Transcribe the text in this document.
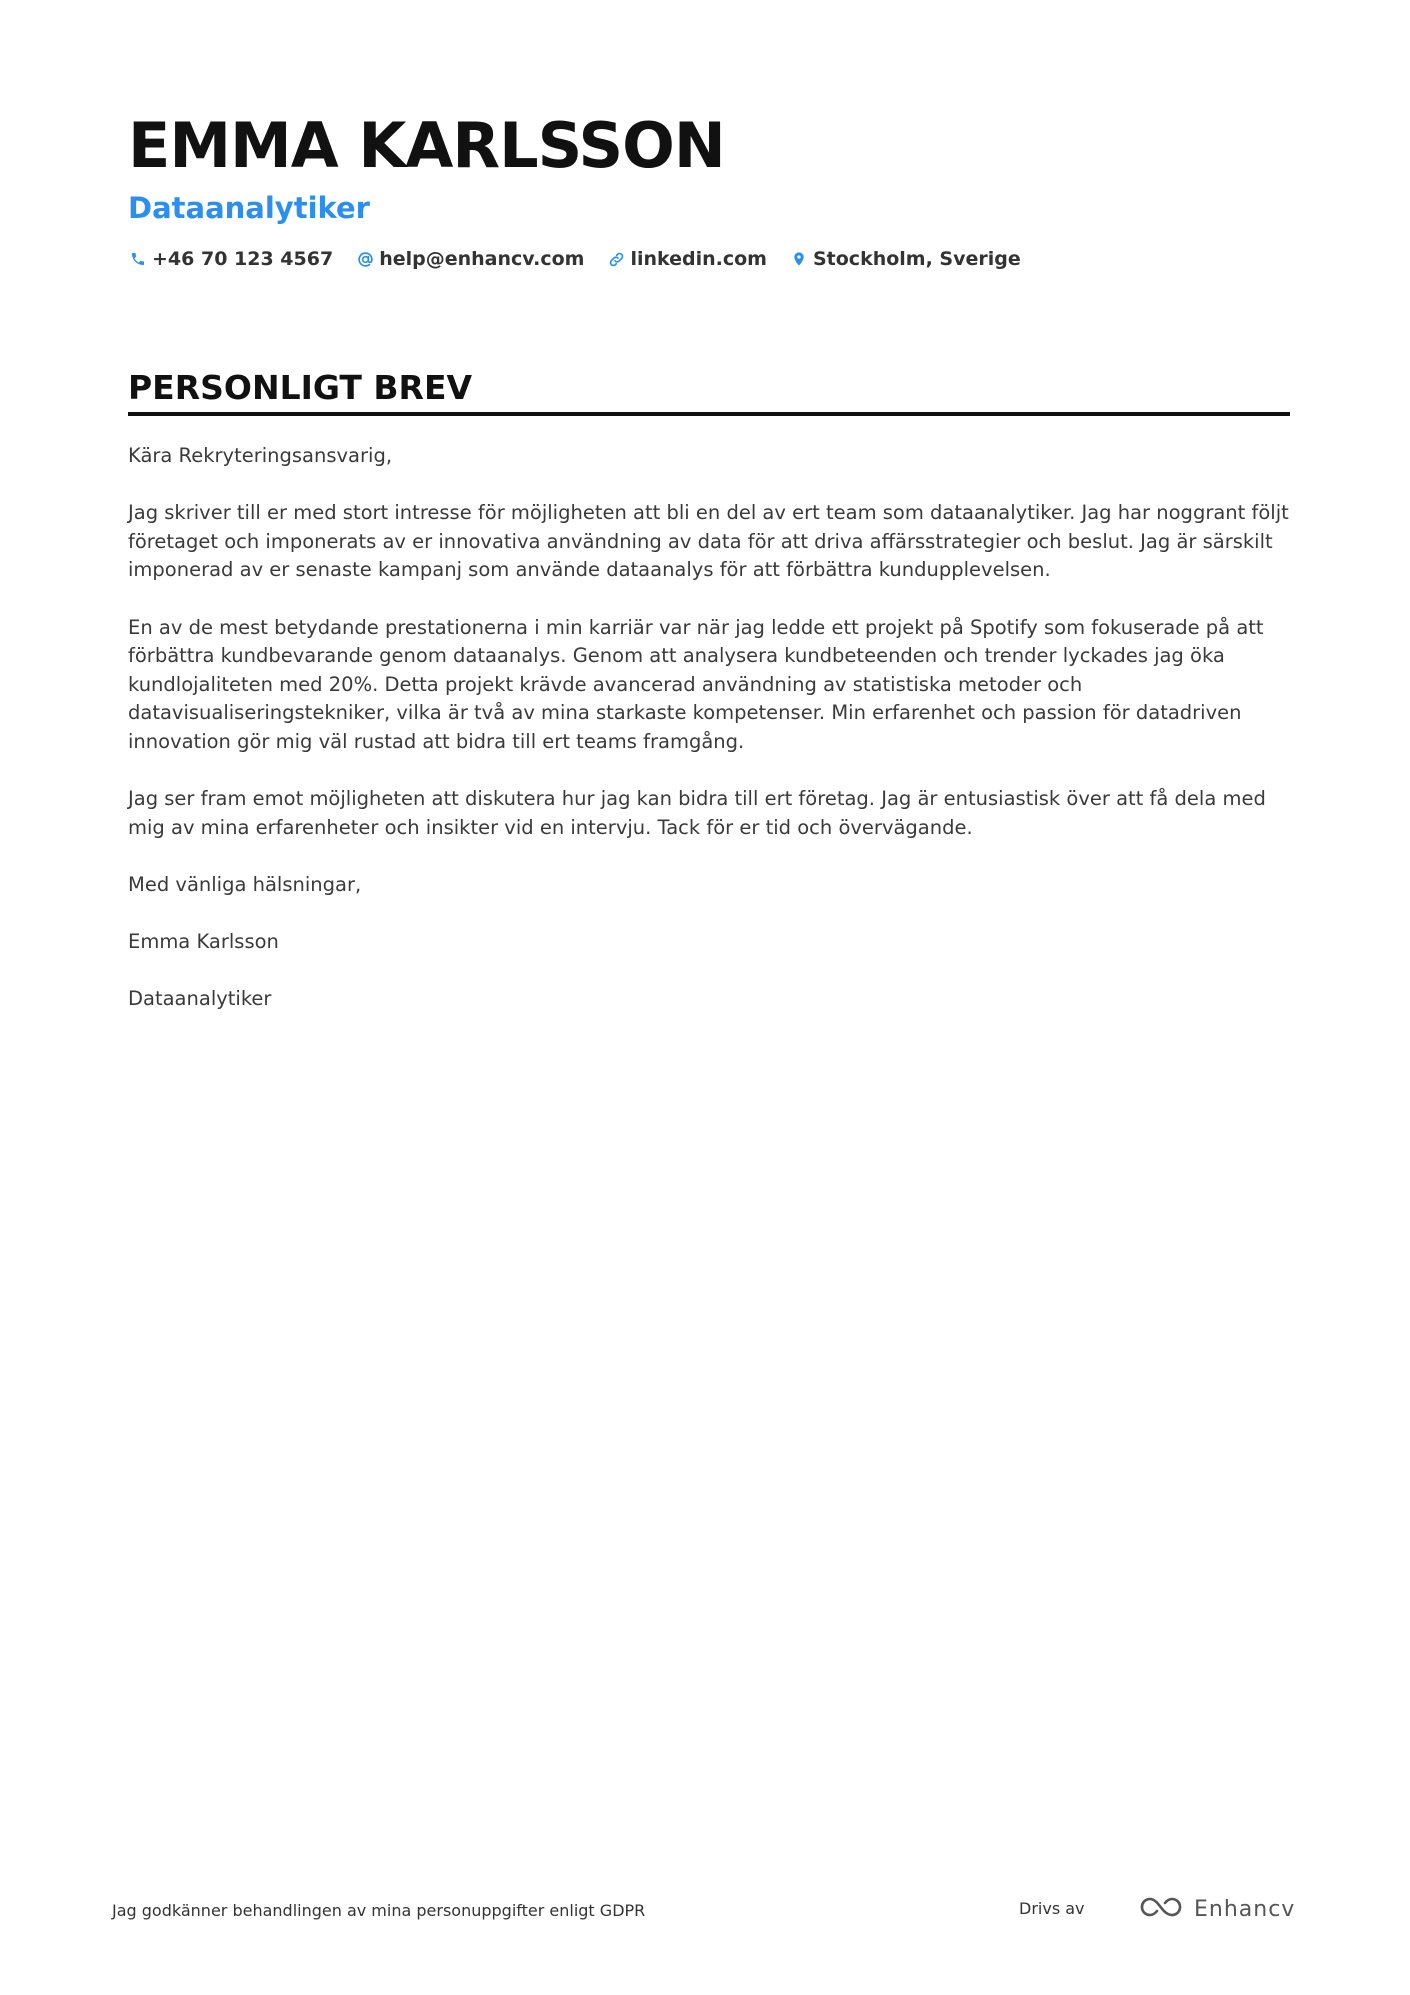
EMMA KARLSSON
Dataanalytiker
+46 70 123 4567 help@enhancv.com linkedin.com Stockholm, Sverige
PERSONLIGT BREV

Kära Rekryteringsansvarig,

Jag skriver till er med stort intresse för möjligheten att bli en del av ert team som dataanalytiker. Jag har noggrant följt företaget och imponerats av er innovativa användning av data för att driva affärsstrategier och beslut. Jag är särskilt imponerad av er senaste kampanj som använde dataanalys för att förbättra kundupplevelsen.

En av de mest betydande prestationerna i min karriär var när jag ledde ett projekt på Spotify som fokuserade på att förbättra kundbevarande genom dataanalys. Genom att analysera kundbeteenden och trender lyckades jag öka kundlojaliteten med 20%. Detta projekt krävde avancerad användning av statistiska metoder och datavisualiseringstekniker, vilka är två av mina starkaste kompetenser. Min erfarenhet och passion för datadriven innovation gör mig väl rustad att bidra till ert teams framgång.

Jag ser fram emot möjligheten att diskutera hur jag kan bidra till ert företag. Jag är entusiastisk över att få dela med mig av mina erfarenheter och insikter vid en intervju. Tack för er tid och övervägande.

Med vänliga hälsningar,

Emma Karlsson

Dataanalytiker

Jag godkänner behandlingen av mina personuppgifter enligt GDPR	Drivs av	Enhancv
